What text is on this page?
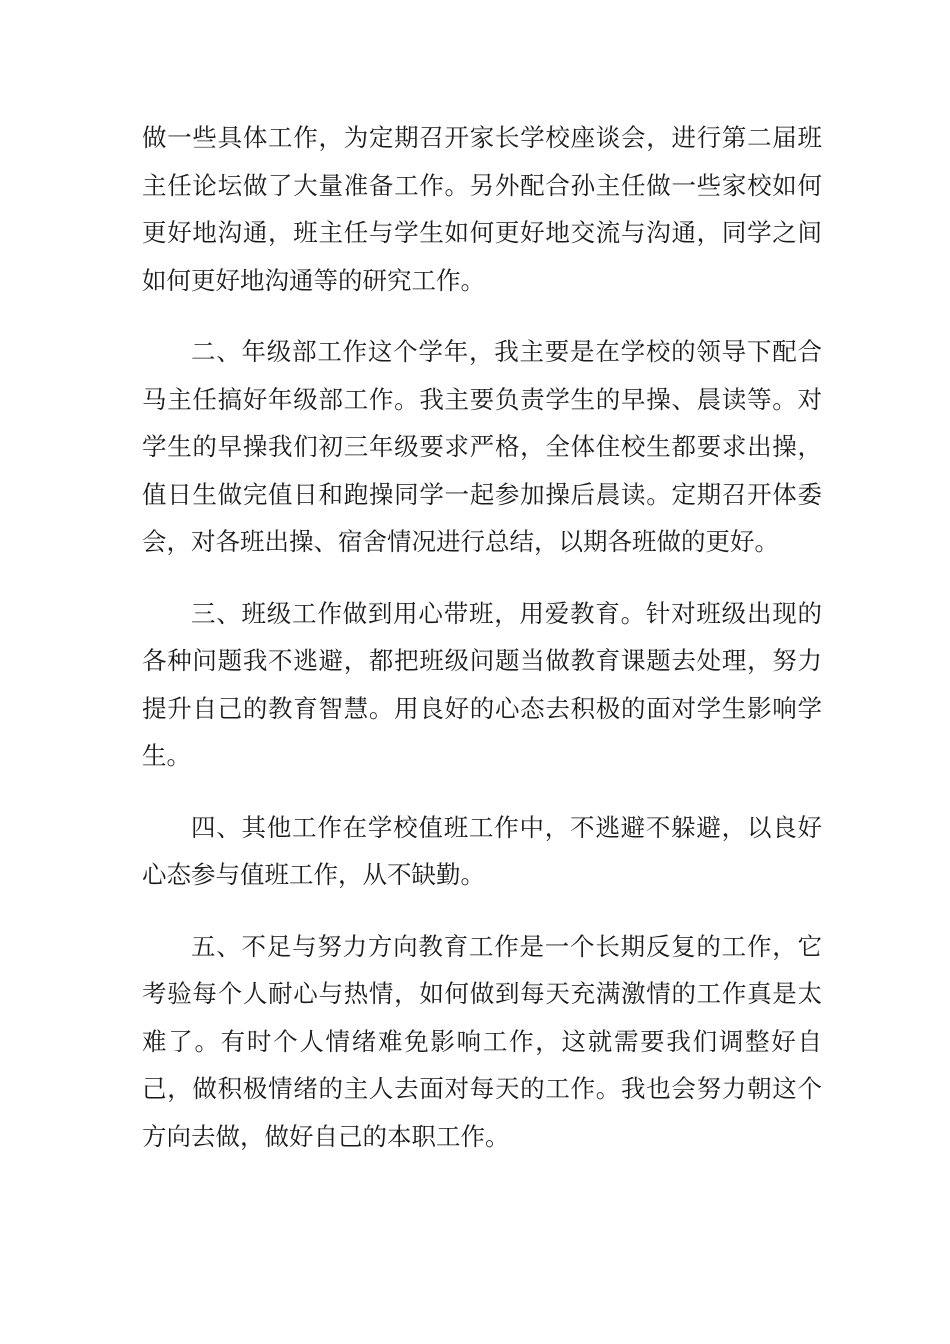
做一些具体工作，为定期召开家长学校座谈会，进行第二届班主任论坛做了大量准备工作。另外配合孙主任做一些家校如何更好地沟通，班主任与学生如何更好地交流与沟通，同学之间如何更好地沟通等的研究工作。

二、年级部工作这个学年，我主要是在学校的领导下配合马主任搞好年级部工作。我主要负责学生的早操、晨读等。对学生的早操我们初三年级要求严格，全体住校生都要求出操，值日生做完值日和跑操同学一起参加操后晨读。定期召开体委会，对各班出操、宿舍情况进行总结，以期各班做的更好。

三、班级工作做到用心带班，用爱教育。针对班级出现的各种问题我不逃避，都把班级问题当做教育课题去处理，努力提升自己的教育智慧。用良好的心态去积极的面对学生影响学生。

四、其他工作在学校值班工作中，不逃避不躲避，以良好心态参与值班工作，从不缺勤。

五、不足与努力方向教育工作是一个长期反复的工作，它考验每个人耐心与热情，如何做到每天充满激情的工作真是太难了。有时个人情绪难免影响工作，这就需要我们调整好自己，做积极情绪的主人去面对每天的工作。我也会努力朝这个方向去做，做好自己的本职工作。
